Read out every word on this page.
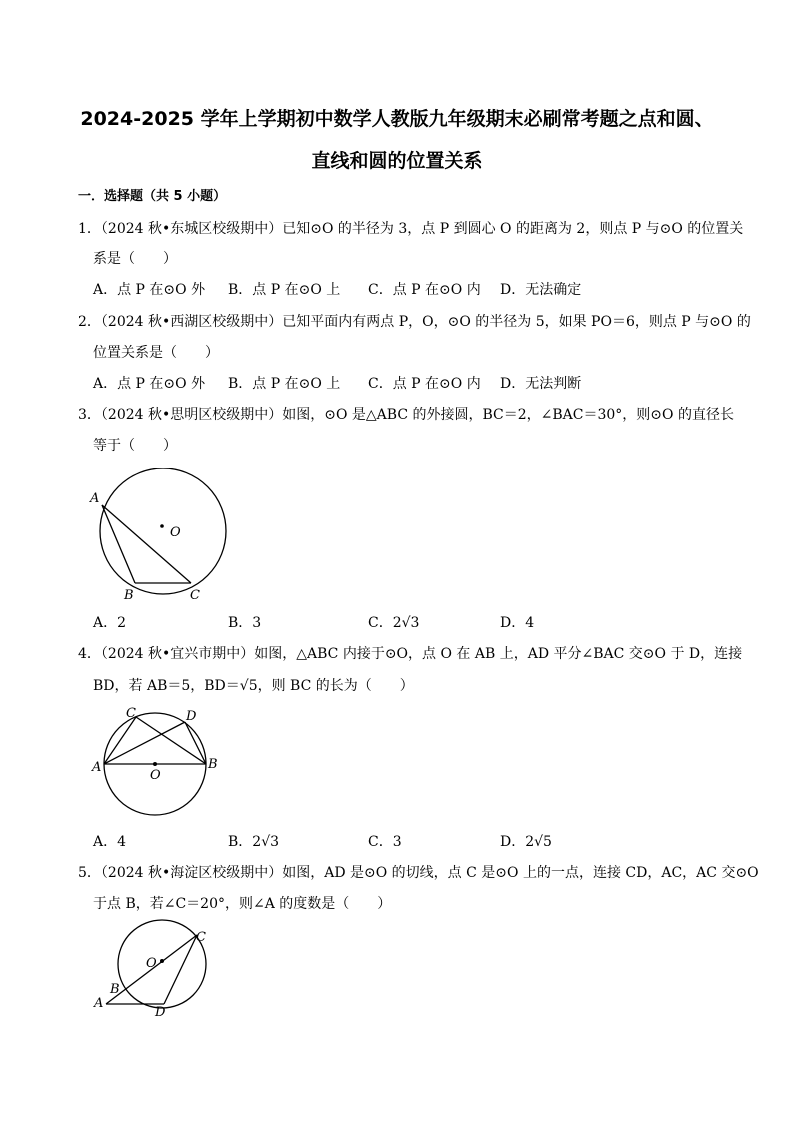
2024-2025 学年上学期初中数学人教版九年级期末必刷常考题之点和圆、
直线和圆的位置关系
一．选择题（共 5 小题）
1．（2024 秋•东城区校级期中）已知⊙O 的半径为 3，点 P 到圆心 O 的距离为 2，则点 P 与⊙O 的位置关
系是（　　）
A．点 P 在⊙O 外 B．点 P 在⊙O 上 C．点 P 在⊙O 内 D．无法确定
2．（2024 秋•西湖区校级期中）已知平面内有两点 P，O，⊙O 的半径为 5，如果 PO＝6，则点 P 与⊙O 的
位置关系是（　　）
A．点 P 在⊙O 外 B．点 P 在⊙O 上 C．点 P 在⊙O 内 D．无法判断
3．（2024 秋•思明区校级期中）如图，⊙O 是△ABC 的外接圆，BC＝2，∠BAC＝30°，则⊙O 的直径长
等于（　　）
A
O
B	C
A．2	B．3	C．2√3	D．4
4．（2024 秋•宜兴市期中）如图，△ABC 内接于⊙O，点 O 在 AB 上，AD 平分∠BAC 交⊙O 于 D，连接
BD，若 AB＝5，BD＝√5，则 BC 的长为（　　）
C	D
A	B
O
A．4	B．2√3	C．3	D．2√5
5．（2024 秋•海淀区校级期中）如图，AD 是⊙O 的切线，点 C 是⊙O 上的一点，连接 CD，AC，AC 交⊙O
于点 B，若∠C＝20°，则∠A 的度数是（　　）
O
C
B
A
D
